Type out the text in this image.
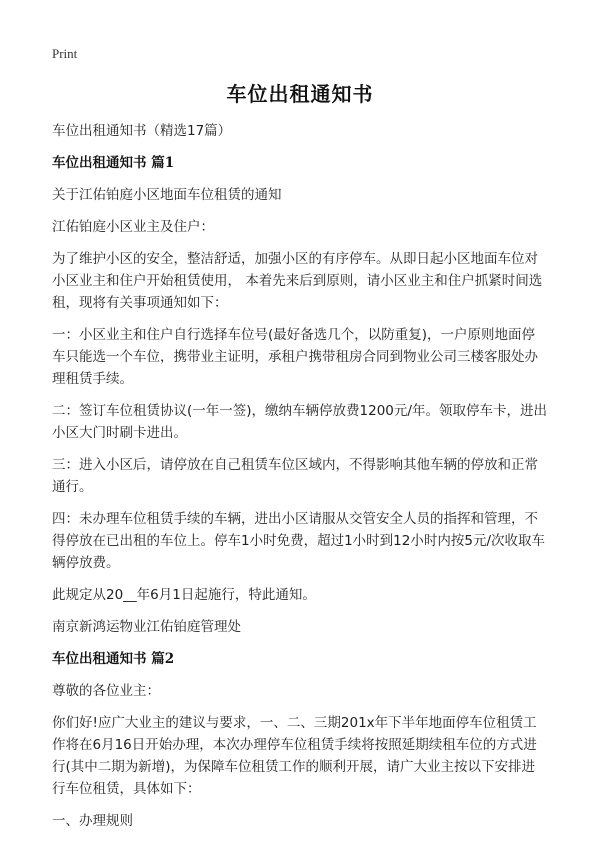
Print

车位出租通知书

车位出租通知书（精选17篇）

车位出租通知书 篇1

关于江佑铂庭小区地面车位租赁的通知

江佑铂庭小区业主及住户：

为了维护小区的安全，整洁舒适，加强小区的有序停车。从即日起小区地面车位对小区业主和住户开始租赁使用， 本着先来后到原则，请小区业主和住户抓紧时间选租，现将有关事项通知如下：

一：小区业主和住户自行选择车位号(最好备选几个，以防重复)，一户原则地面停车只能选一个车位，携带业主证明，承租户携带租房合同到物业公司三楼客服处办理租赁手续。

二：签订车位租赁协议(一年一签)，缴纳车辆停放费1200元/年。领取停车卡，进出小区大门时刷卡进出。

三：进入小区后，请停放在自己租赁车位区域内，不得影响其他车辆的停放和正常通行。

四：未办理车位租赁手续的车辆，进出小区请服从交管安全人员的指挥和管理，不得停放在已出租的车位上。停车1小时免费，超过1小时到12小时内按5元/次收取车辆停放费。

此规定从20__年6月1日起施行，特此通知。

南京新鸿运物业江佑铂庭管理处

车位出租通知书 篇2

尊敬的各位业主：

你们好!应广大业主的建议与要求，一、二、三期201x年下半年地面停车位租赁工作将在6月16日开始办理，本次办理停车位租赁手续将按照延期续租车位的方式进行(其中二期为新增)，为保障车位租赁工作的顺利开展，请广大业主按以下安排进行车位租赁，具体如下：

一、办理规则
